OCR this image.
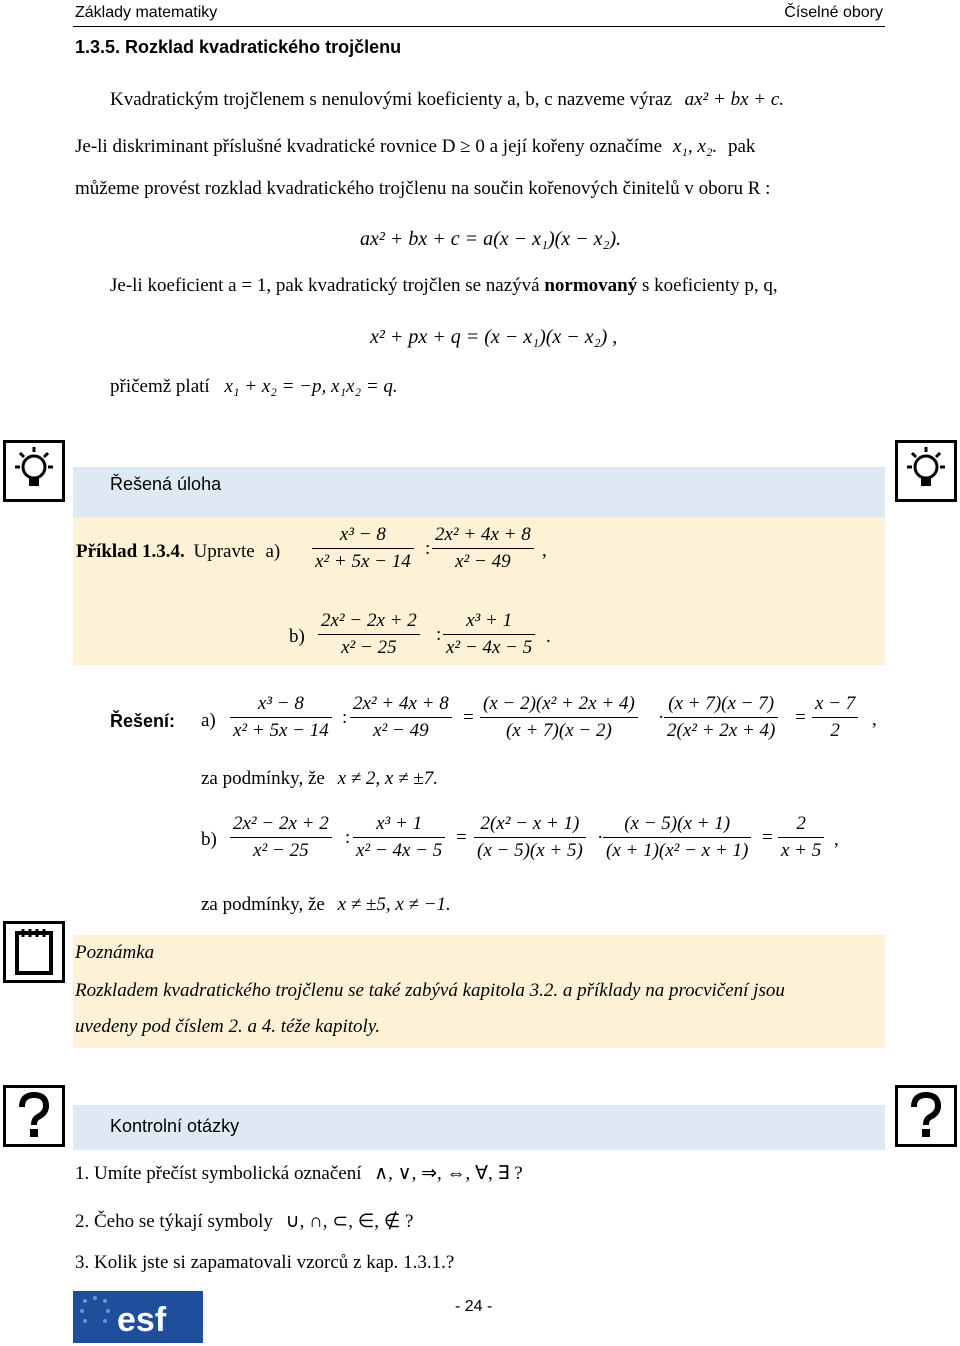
Základy matematiky	Číselné obory
1.3.5. Rozklad kvadratického trojčlenu
Kvadratickým trojčlenem s nenulovými koeficienty a, b, c nazveme výraz ax² + bx + c.
Je-li diskriminant příslušné kvadratické rovnice D ≥ 0 a její kořeny označíme x₁, x₂. pak
můžeme provést rozklad kvadratického trojčlenu na součin kořenových činitelů v oboru R :
ax² + bx + c = a(x − x₁)(x − x₂).
Je-li koeficient a = 1, pak kvadratický trojčlen se nazývá normovaný s koeficienty p, q,
x² + px + q = (x − x₁)(x − x₂) ,
přičemž platí x₁ + x₂ = −p, x₁x₂ = q.
Řešená úloha
Příklad 1.3.4. Upravte a)
x³ − 8
x² + 5x − 14
:
2x² + 4x + 8
x² − 49
,
b)
2x² − 2x + 2
x² − 25
:
x³ + 1
x² − 4x − 5
.
Řešení: a)
x³ − 8
x² + 5x − 14
:
2x² + 4x + 8
x² − 49
=
(x − 2)(x² + 2x + 4)
(x + 7)(x − 2)
·
(x + 7)(x − 7)
2(x² + 2x + 4)
=
x − 7
2
,
za podmínky, že x ≠ 2, x ≠ ±7.
b)
2x² − 2x + 2
x² − 25
:
x³ + 1
x² − 4x − 5
=
2(x² − x + 1)
(x − 5)(x + 5)
·
(x − 5)(x + 1)
(x + 1)(x² − x + 1)
=
2
x + 5
,
za podmínky, že x ≠ ±5, x ≠ −1.
Poznámka
Rozkladem kvadratického trojčlenu se také zabývá kapitola 3.2. a příklady na procvičení jsou
uvedeny pod číslem 2. a 4. téže kapitoly.
Kontrolní otázky
1. Umíte přečíst symbolická označení ∧, ∨, ⇒, ⇔, ∀, ∃ ?
2. Čeho se týkají symboly ∪, ∩, ⊂, ∈, ∉ ?
3. Kolik jste si zapamatovali vzorců z kap. 1.3.1.?
esf	- 24 -
